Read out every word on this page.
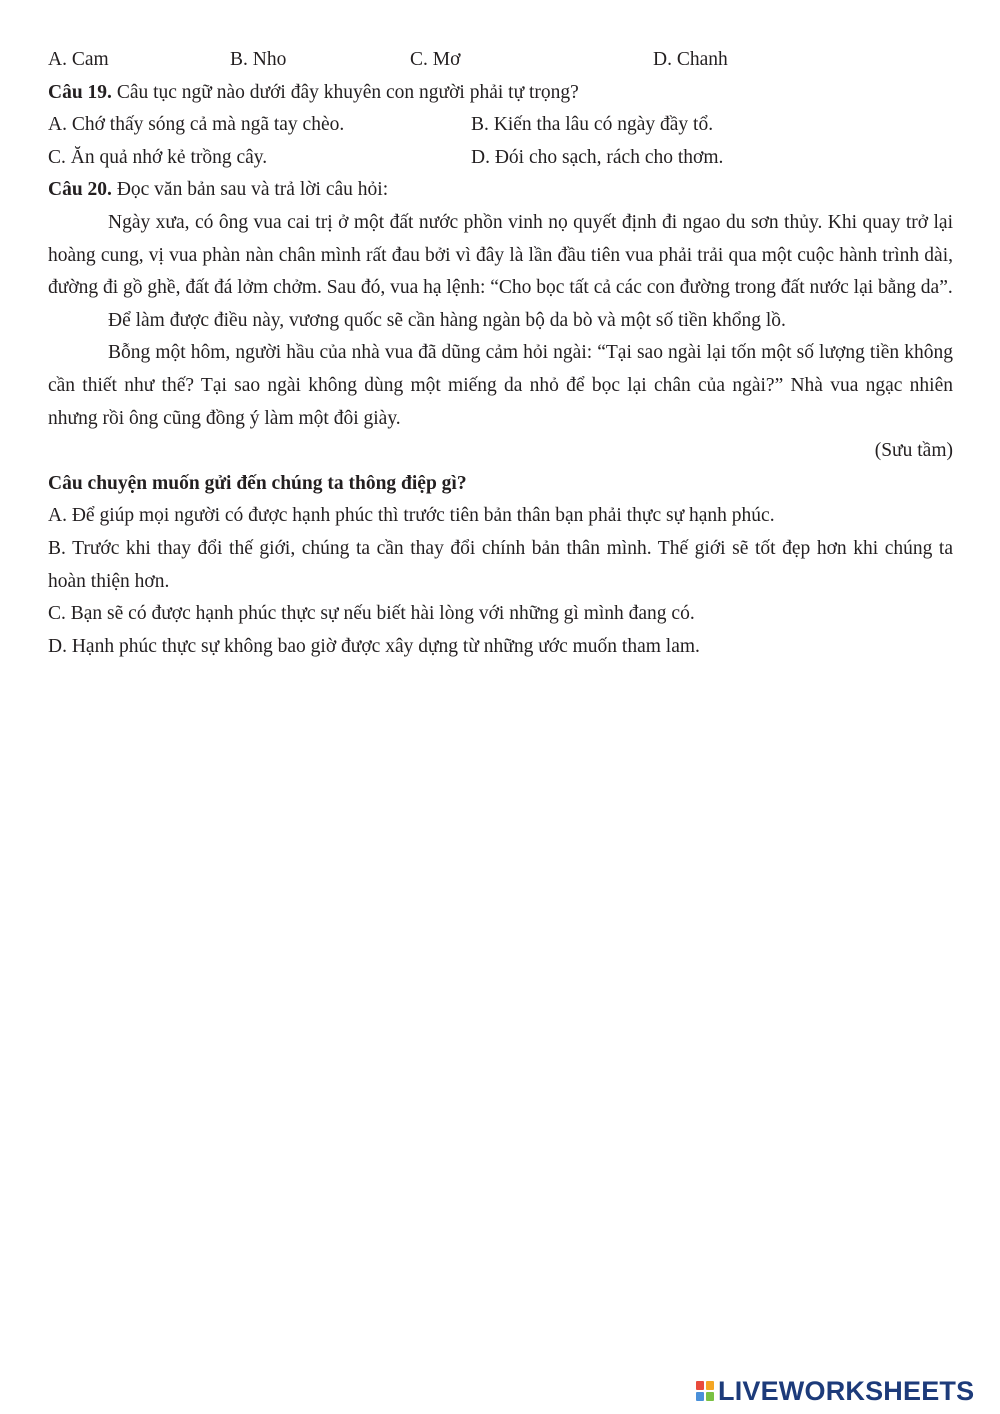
A. Cam	B. Nho	C. Mơ	D. Chanh
Câu 19. Câu tục ngữ nào dưới đây khuyên con người phải tự trọng?
A. Chớ thấy sóng cả mà ngã tay chèo.	B. Kiến tha lâu có ngày đầy tổ.
C. Ăn quả nhớ kẻ trồng cây.	D. Đói cho sạch, rách cho thơm.
Câu 20. Đọc văn bản sau và trả lời câu hỏi:

Ngày xưa, có ông vua cai trị ở một đất nước phồn vinh nọ quyết định đi ngao du sơn thủy. Khi quay trở lại hoàng cung, vị vua phàn nàn chân mình rất đau bởi vì đây là lần đầu tiên vua phải trải qua một cuộc hành trình dài, đường đi gồ ghề, đất đá lởm chởm. Sau đó, vua hạ lệnh: “Cho bọc tất cả các con đường trong đất nước lại bằng da”.

Để làm được điều này, vương quốc sẽ cần hàng ngàn bộ da bò và một số tiền khổng lồ.

Bỗng một hôm, người hầu của nhà vua đã dũng cảm hỏi ngài: “Tại sao ngài lại tốn một số lượng tiền không cần thiết như thế? Tại sao ngài không dùng một miếng da nhỏ để bọc lại chân của ngài?” Nhà vua ngạc nhiên nhưng rồi ông cũng đồng ý làm một đôi giày.

(Sưu tầm)
Câu chuyện muốn gửi đến chúng ta thông điệp gì?

A. Để giúp mọi người có được hạnh phúc thì trước tiên bản thân bạn phải thực sự hạnh phúc.

B. Trước khi thay đổi thế giới, chúng ta cần thay đổi chính bản thân mình. Thế giới sẽ tốt đẹp hơn khi chúng ta hoàn thiện hơn.

C. Bạn sẽ có được hạnh phúc thực sự nếu biết hài lòng với những gì mình đang có.

D. Hạnh phúc thực sự không bao giờ được xây dựng từ những ước muốn tham lam.

LIVEWORKSHEETS
